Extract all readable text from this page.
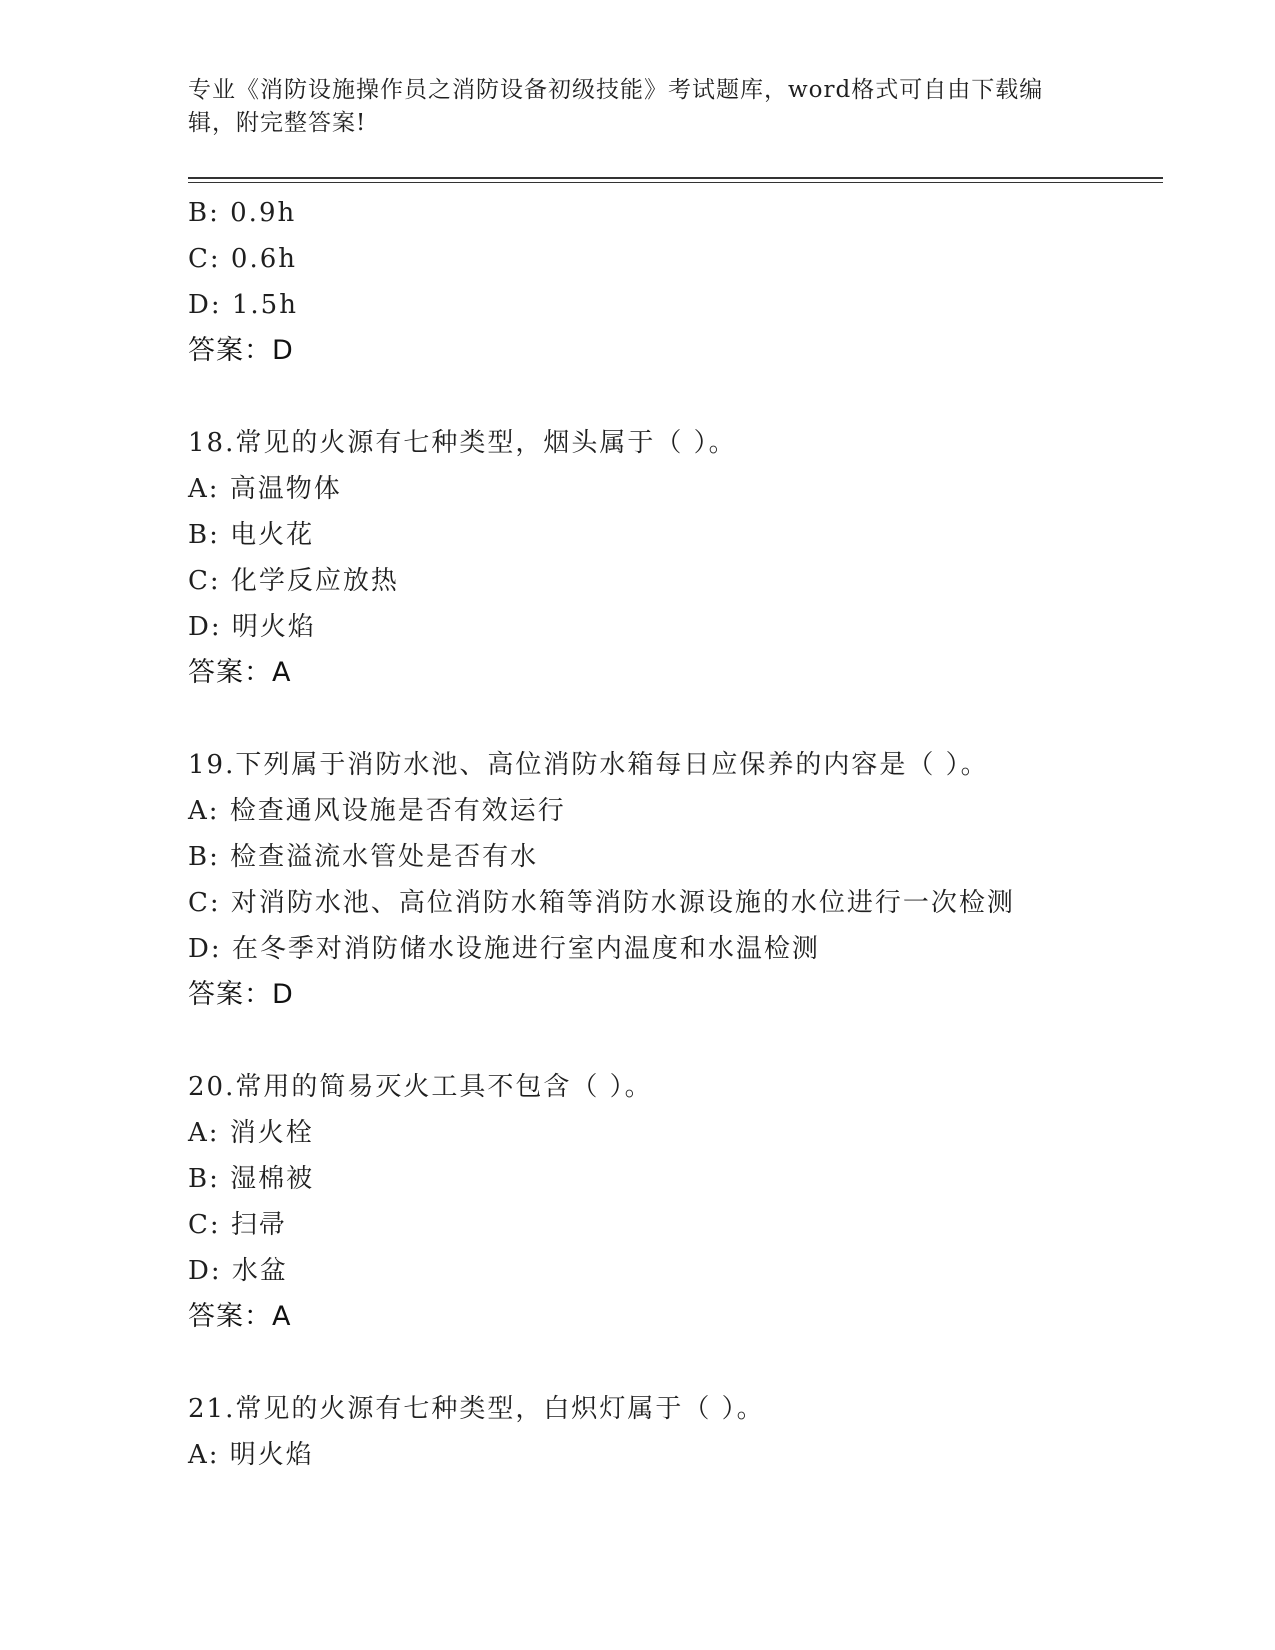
专业《消防设施操作员之消防设备初级技能》考试题库，word格式可自由下载编
辑，附完整答案!
B: 0.9h
C: 0.6h
D: 1.5h
答案：D
18.常见的火源有七种类型，烟头属于（ ）。
A: 高温物体
B: 电火花
C: 化学反应放热
D: 明火焰
答案：A
19.下列属于消防水池、高位消防水箱每日应保养的内容是（ ）。
A: 检查通风设施是否有效运行
B: 检查溢流水管处是否有水
C: 对消防水池、高位消防水箱等消防水源设施的水位进行一次检测
D: 在冬季对消防储水设施进行室内温度和水温检测
答案：D
20.常用的简易灭火工具不包含（ ）。
A: 消火栓
B: 湿棉被
C: 扫帚
D: 水盆
答案：A
21.常见的火源有七种类型，白炽灯属于（ ）。
A: 明火焰
